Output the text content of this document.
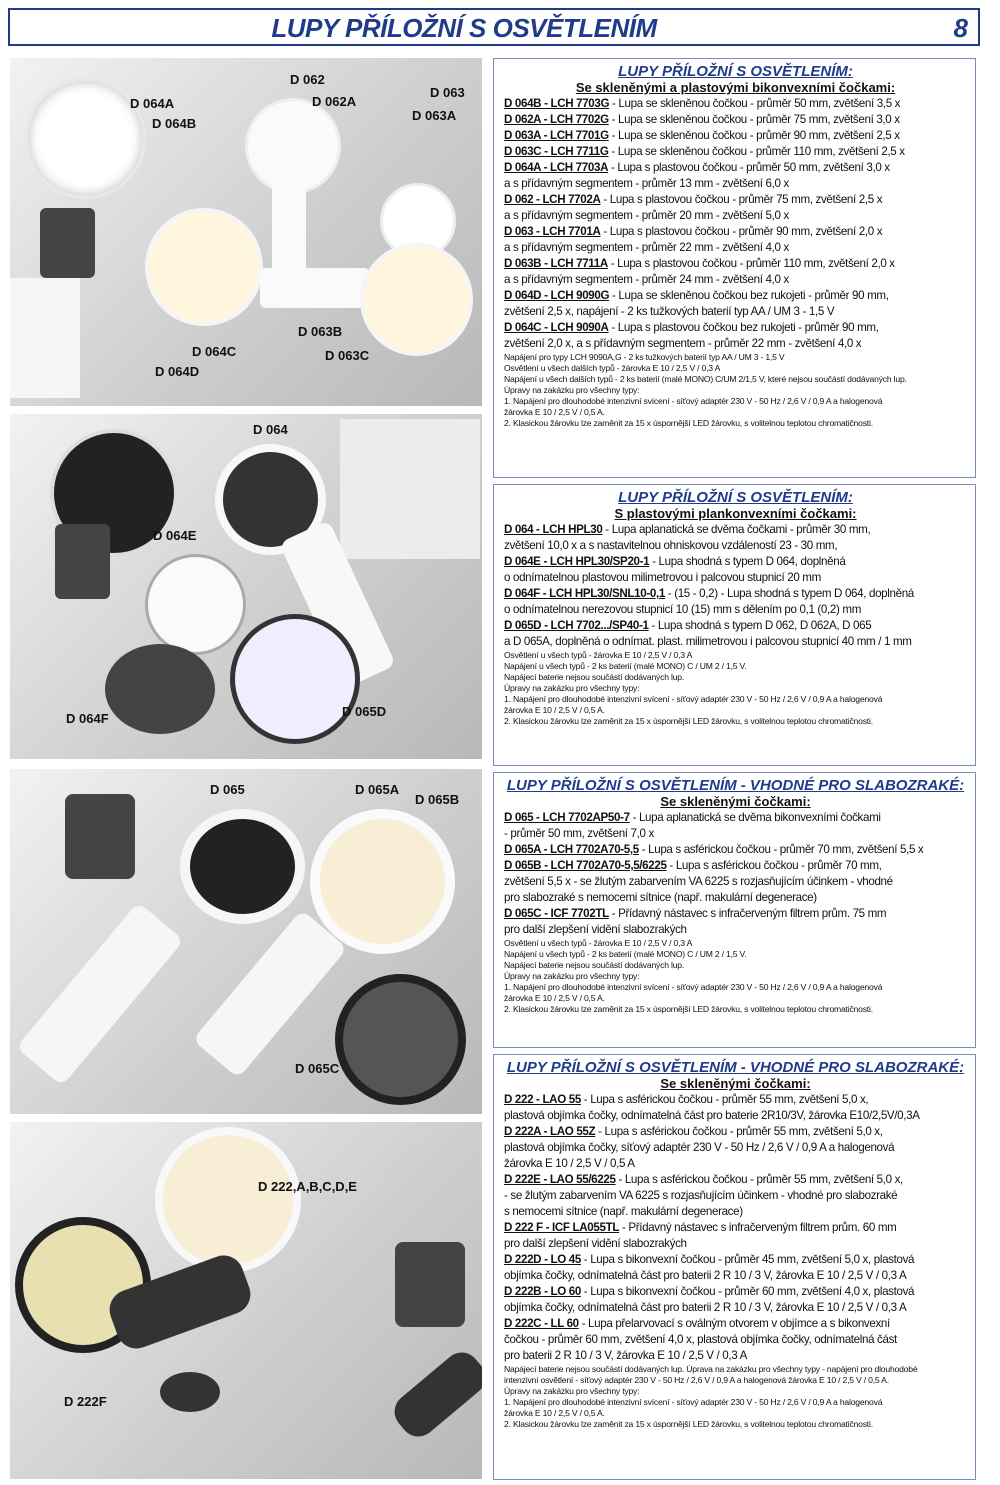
LUPY PŘÍLOŽNÍ S OSVĚTLENÍM	8
D 064A
D 064B
D 062
D 062A
D 063
D 063A
D 063B
D 063C
D 064C
D 064D
D 064
D 064E
D 064F	D 065D
D 065	D 065A
D 065B
D 065C
D 222,A,B,C,D,E
D 222F
LUPY PŘÍLOŽNÍ S OSVĚTLENÍM:
Se skleněnými a plastovými bikonvexními čočkami:
D 064B - LCH 7703G - Lupa se skleněnou čočkou - průměr 50 mm, zvětšení 3,5 x
D 062A - LCH 7702G - Lupa se skleněnou čočkou - průměr 75 mm, zvětšení 3,0 x
D 063A - LCH 7701G - Lupa se skleněnou čočkou - průměr 90 mm, zvětšení 2,5 x
D 063C - LCH 7711G - Lupa se skleněnou čočkou - průměr 110 mm, zvětšení 2,5 x
D 064A - LCH 7703A - Lupa s plastovou čočkou - průměr 50 mm, zvětšení 3,0 x
a s přídavným segmentem - průměr 13 mm - zvětšení 6,0 x
D 062 - LCH 7702A - Lupa s plastovou čočkou - průměr 75 mm, zvětšení 2,5 x
a s přídavným segmentem - průměr 20 mm - zvětšení 5,0 x
D 063 - LCH 7701A - Lupa s plastovou čočkou - průměr 90 mm, zvětšení 2,0 x
a s přídavným segmentem - průměr 22 mm - zvětšení 4,0 x
D 063B - LCH 7711A - Lupa s plastovou čočkou - průměr 110 mm, zvětšení 2,0 x
a s přídavným segmentem - průměr 24 mm - zvětšení 4,0 x
D 064D - LCH 9090G - Lupa se skleněnou čočkou bez rukojeti - průměr 90 mm,
zvětšení 2,5 x, napájení - 2 ks tužkových baterií typ AA / UM 3 - 1,5 V
D 064C - LCH 9090A - Lupa s plastovou čočkou bez rukojeti - průměr 90 mm,
zvětšení 2,0 x, a s přídavným segmentem - průměr 22 mm - zvětšení 4,0 x
Napájení pro typy LCH 9090A,G - 2 ks tužkových baterií typ AA / UM 3 - 1,5 V
Osvětlení u všech dalších typů - žárovka E 10 / 2,5 V / 0,3 A
Napájení u všech dalších typů - 2 ks baterií (malé MONO) C/UM 2/1,5 V, které nejsou součástí dodávaných lup.
Úpravy na zakázku pro všechny typy:
1. Napájení pro dlouhodobé intenzivní svícení - síťový adaptér 230 V - 50 Hz / 2,6 V / 0,9 A a halogenová
žárovka E 10 / 2,5 V / 0,5 A.
2. Klasickou žárovku lze zaměnit za 15 x úspornější LED žárovku, s volitelnou teplotou chromatičnosti.
LUPY PŘÍLOŽNÍ S OSVĚTLENÍM:
S plastovými plankonvexními čočkami:
D 064 - LCH HPL30 - Lupa aplanatická se dvěma čočkami - průměr 30 mm,
zvětšení 10,0 x a s nastavitelnou ohniskovou vzdáleností 23 - 30 mm,
D 064E - LCH HPL30/SP20-1 - Lupa shodná s typem D 064, doplněná
o odnímatelnou plastovou milimetrovou i palcovou stupnicí 20 mm
D 064F - LCH HPL30/SNL10-0,1 - (15 - 0,2) - Lupa shodná s typem D 064, doplněná
o odnímatelnou nerezovou stupnicí 10 (15) mm s dělením po 0,1 (0,2) mm
D 065D - LCH 7702.../SP40-1 - Lupa shodná s typem D 062, D 062A, D 065
a D 065A, doplněná o odnímat. plast. milimetrovou i palcovou stupnicí 40 mm / 1 mm
Osvětlení u všech typů - žárovka E 10 / 2,5 V / 0,3 A
Napájení u všech typů - 2 ks baterií (malé MONO) C / UM 2 / 1,5 V.
Napájecí baterie nejsou součástí dodávaných lup.
Úpravy na zakázku pro všechny typy:
1. Napájení pro dlouhodobé intenzivní svícení - síťový adaptér 230 V - 50 Hz / 2,6 V / 0,9 A a halogenová
žárovka E 10 / 2,5 V / 0,5 A.
2. Klasickou žárovku lze zaměnit za 15 x úspornější LED žárovku, s volitelnou teplotou chromatičnosti.
LUPY PŘÍLOŽNÍ S OSVĚTLENÍM - VHODNÉ PRO SLABOZRAKÉ:
Se skleněnými čočkami:
D 065 - LCH 7702AP50-7 - Lupa aplanatická se dvěma bikonvexními čočkami
- průměr 50 mm, zvětšení 7,0 x
D 065A - LCH 7702A70-5,5 - Lupa s asférickou čočkou - průměr 70 mm, zvětšení 5,5 x
D 065B - LCH 7702A70-5,5/6225 - Lupa s asférickou čočkou - průměr 70 mm,
zvětšení 5,5 x - se žlutým zabarvením VA 6225 s rozjasňujícím účinkem - vhodné
pro slabozraké s nemocemi sítnice (např. makulární degenerace)
D 065C - ICF 7702TL - Přídavný nástavec s infračerveným filtrem prům. 75 mm
pro další zlepšení vidění slabozrakých
Osvětlení u všech typů - žárovka E 10 / 2,5 V / 0,3 A
Napájení u všech typů - 2 ks baterií (malé MONO) C / UM 2 / 1,5 V.
Napájecí baterie nejsou součástí dodávaných lup.
Úpravy na zakázku pro všechny typy:
1. Napájení pro dlouhodobé intenzivní svícení - síťový adaptér 230 V - 50 Hz / 2,6 V / 0,9 A a halogenová
žárovka E 10 / 2,5 V / 0,5 A.
2. Klasickou žárovku lze zaměnit za 15 x úspornější LED žárovku, s volitelnou teplotou chromatičnosti.
LUPY PŘÍLOŽNÍ S OSVĚTLENÍM - VHODNÉ PRO SLABOZRAKÉ:
Se skleněnými čočkami:
D 222 - LAO 55 - Lupa s asférickou čočkou - průměr 55 mm, zvětšení 5,0 x,
plastová objímka čočky, odnímatelná část pro baterie 2R10/3V, žárovka E10/2,5V/0,3A
D 222A - LAO 55Z - Lupa s asférickou čočkou - průměr 55 mm, zvětšení 5,0 x,
plastová objímka čočky, síťový adaptér 230 V - 50 Hz / 2,6 V / 0,9 A a halogenová
žárovka E 10 / 2,5 V / 0,5 A
D 222E - LAO 55/6225 - Lupa s asférickou čočkou - průměr 55 mm, zvětšení 5,0 x,
- se žlutým zabarvením VA 6225 s rozjasňujícím účinkem - vhodné pro slabozraké
s nemocemi sítnice (např. makulární degenerace)
D 222 F - ICF LA055TL - Přídavný nástavec s infračerveným filtrem prům. 60 mm
pro další zlepšení vidění slabozrakých
D 222D - LO 45 - Lupa s bikonvexní čočkou - průměr 45 mm, zvětšení 5,0 x, plastová
objímka čočky, odnímatelná část pro baterii 2 R 10 / 3 V, žárovka E 10 / 2,5 V / 0,3 A
D 222B - LO 60 - Lupa s bikonvexní čočkou - průměr 60 mm, zvětšení 4,0 x, plastová
objímka čočky, odnímatelná část pro baterii 2 R 10 / 3 V, žárovka E 10 / 2,5 V / 0,3 A
D 222C - LL 60 - Lupa přelarvovací s oválným otvorem v objímce a s bikonvexní
čočkou - průměr 60 mm, zvětšení 4,0 x, plastová objímka čočky, odnímatelná část
pro baterii 2 R 10 / 3 V, žárovka E 10 / 2,5 V / 0,3 A
Napájecí baterie nejsou součástí dodávaných lup. Úprava na zakázku pro všechny typy - napájení pro dlouhodobé
intenzivní osvětlení - síťový adaptér 230 V - 50 Hz / 2,6 V / 0,9 A a halogenová žárovka E 10 / 2,5 V / 0,5 A.
Úpravy na zakázku pro všechny typy:
1. Napájení pro dlouhodobé intenzivní svícení - síťový adaptér 230 V - 50 Hz / 2,6 V / 0,9 A a halogenová
žárovka E 10 / 2,5 V / 0,5 A.
2. Klasickou žárovku lze zaměnit za 15 x úspornější LED žárovku, s volitelnou teplotou chromatičnosti.
